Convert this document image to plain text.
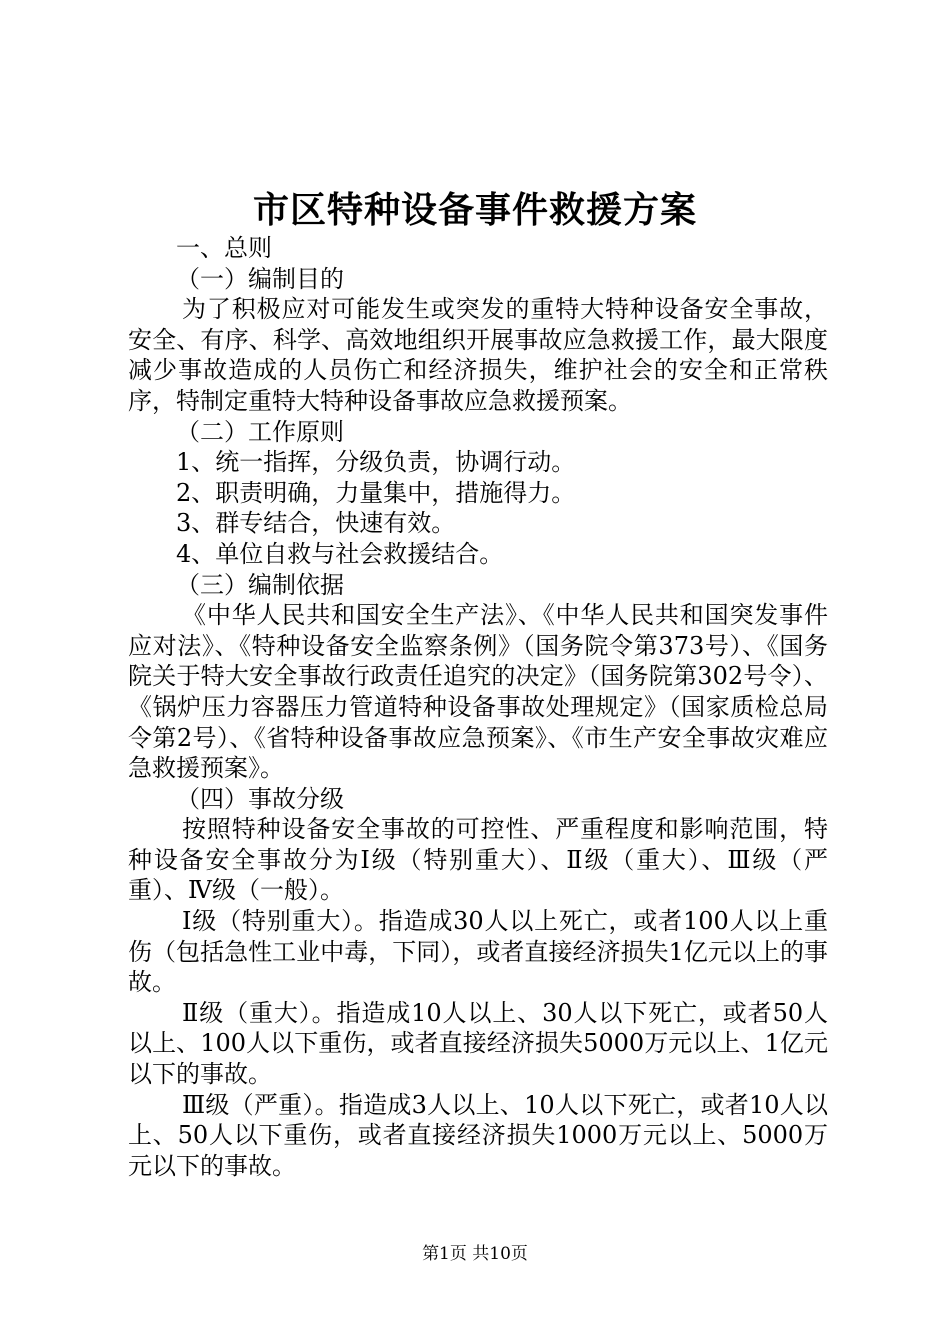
市区特种设备事件救援方案

一、总则

（一）编制目的

为了积极应对可能发生或突发的重特大特种设备安全事故，安全、有序、科学、高效地组织开展事故应急救援工作，最大限度减少事故造成的人员伤亡和经济损失，维护社会的安全和正常秩序，特制定重特大特种设备事故应急救援预案。

（二）工作原则

1、统一指挥，分级负责，协调行动。

2、职责明确，力量集中，措施得力。

3、群专结合，快速有效。

4、单位自救与社会救援结合。

（三）编制依据

《中华人民共和国安全生产法》、《中华人民共和国突发事件应对法》、《特种设备安全监察条例》（国务院令第373号）、《国务院关于特大安全事故行政责任追究的决定》（国务院第302号令）、《锅炉压力容器压力管道特种设备事故处理规定》（国家质检总局令第2号）、《省特种设备事故应急预案》、《市生产安全事故灾难应急救援预案》。

（四）事故分级

按照特种设备安全事故的可控性、严重程度和影响范围，特种设备安全事故分为Ⅰ级（特别重大）、Ⅱ级（重大）、Ⅲ级（严重）、Ⅳ级（一般）。

Ⅰ级（特别重大）。指造成30人以上死亡，或者100人以上重伤（包括急性工业中毒，下同），或者直接经济损失1亿元以上的事故。

Ⅱ级（重大）。指造成10人以上、30人以下死亡，或者50人以上、100人以下重伤，或者直接经济损失5000万元以上、1亿元以下的事故。

Ⅲ级（严重）。指造成3人以上、10人以下死亡，或者10人以上、50人以下重伤，或者直接经济损失1000万元以上、5000万元以下的事故。

第1页 共10页
